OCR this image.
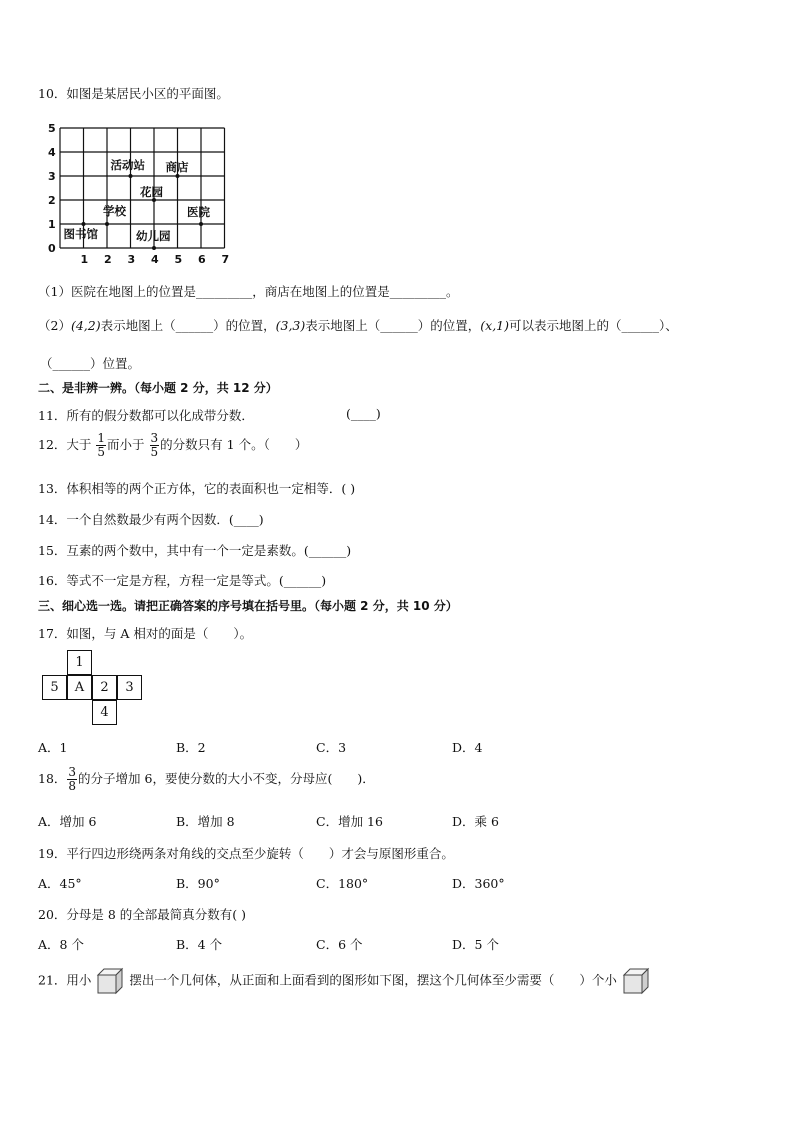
10．如图是某居民小区的平面图。
5
4
3
2
1
0
1 2 3 4 5 6 7
活动站 商店
花园
学校	医院
图书馆	幼儿园
（1）医院在地图上的位置是_________，商店在地图上的位置是_________。
（2）(4,2)表示地图上（______）的位置，(3,3)表示地图上（______）的位置，(x,1)可以表示地图上的（______）、
（______）位置。
二、是非辨一辨。（每小题 2 分，共 12 分）
11．所有的假分数都可以化成带分数．	(____)
12．大于 $\frac{1}{5}$ 而小于 $\frac{3}{5}$ 的分数只有 1 个。（　　）
13．体积相等的两个正方体，它的表面积也一定相等．( )
14．一个自然数最少有两个因数．(____)
15．互素的两个数中，其中有一个一定是素数。(______)
16．等式不一定是方程，方程一定是等式。(______)
三、细心选一选。请把正确答案的序号填在括号里。（每小题 2 分，共 10 分）
17．如图，与 A 相对的面是（　　）。
1
5	A	2	3
4
A．1	B．2	C．3	D．4
18． $\frac{3}{8}$ 的分子增加 6，要使分数的大小不变，分母应(　　)．
A．增加 6	B．增加 8	C．增加 16	D．乘 6
19．平行四边形绕两条对角线的交点至少旋转（　　）才会与原图形重合。
A．45°	B．90°	C．180°	D．360°
20．分母是 8 的全部最简真分数有( )
A．8 个	B．4 个	C．6 个	D．5 个
21．用小	摆出一个几何体，从正面和上面看到的图形如下图，摆这个几何体至少需要（　　）个小
